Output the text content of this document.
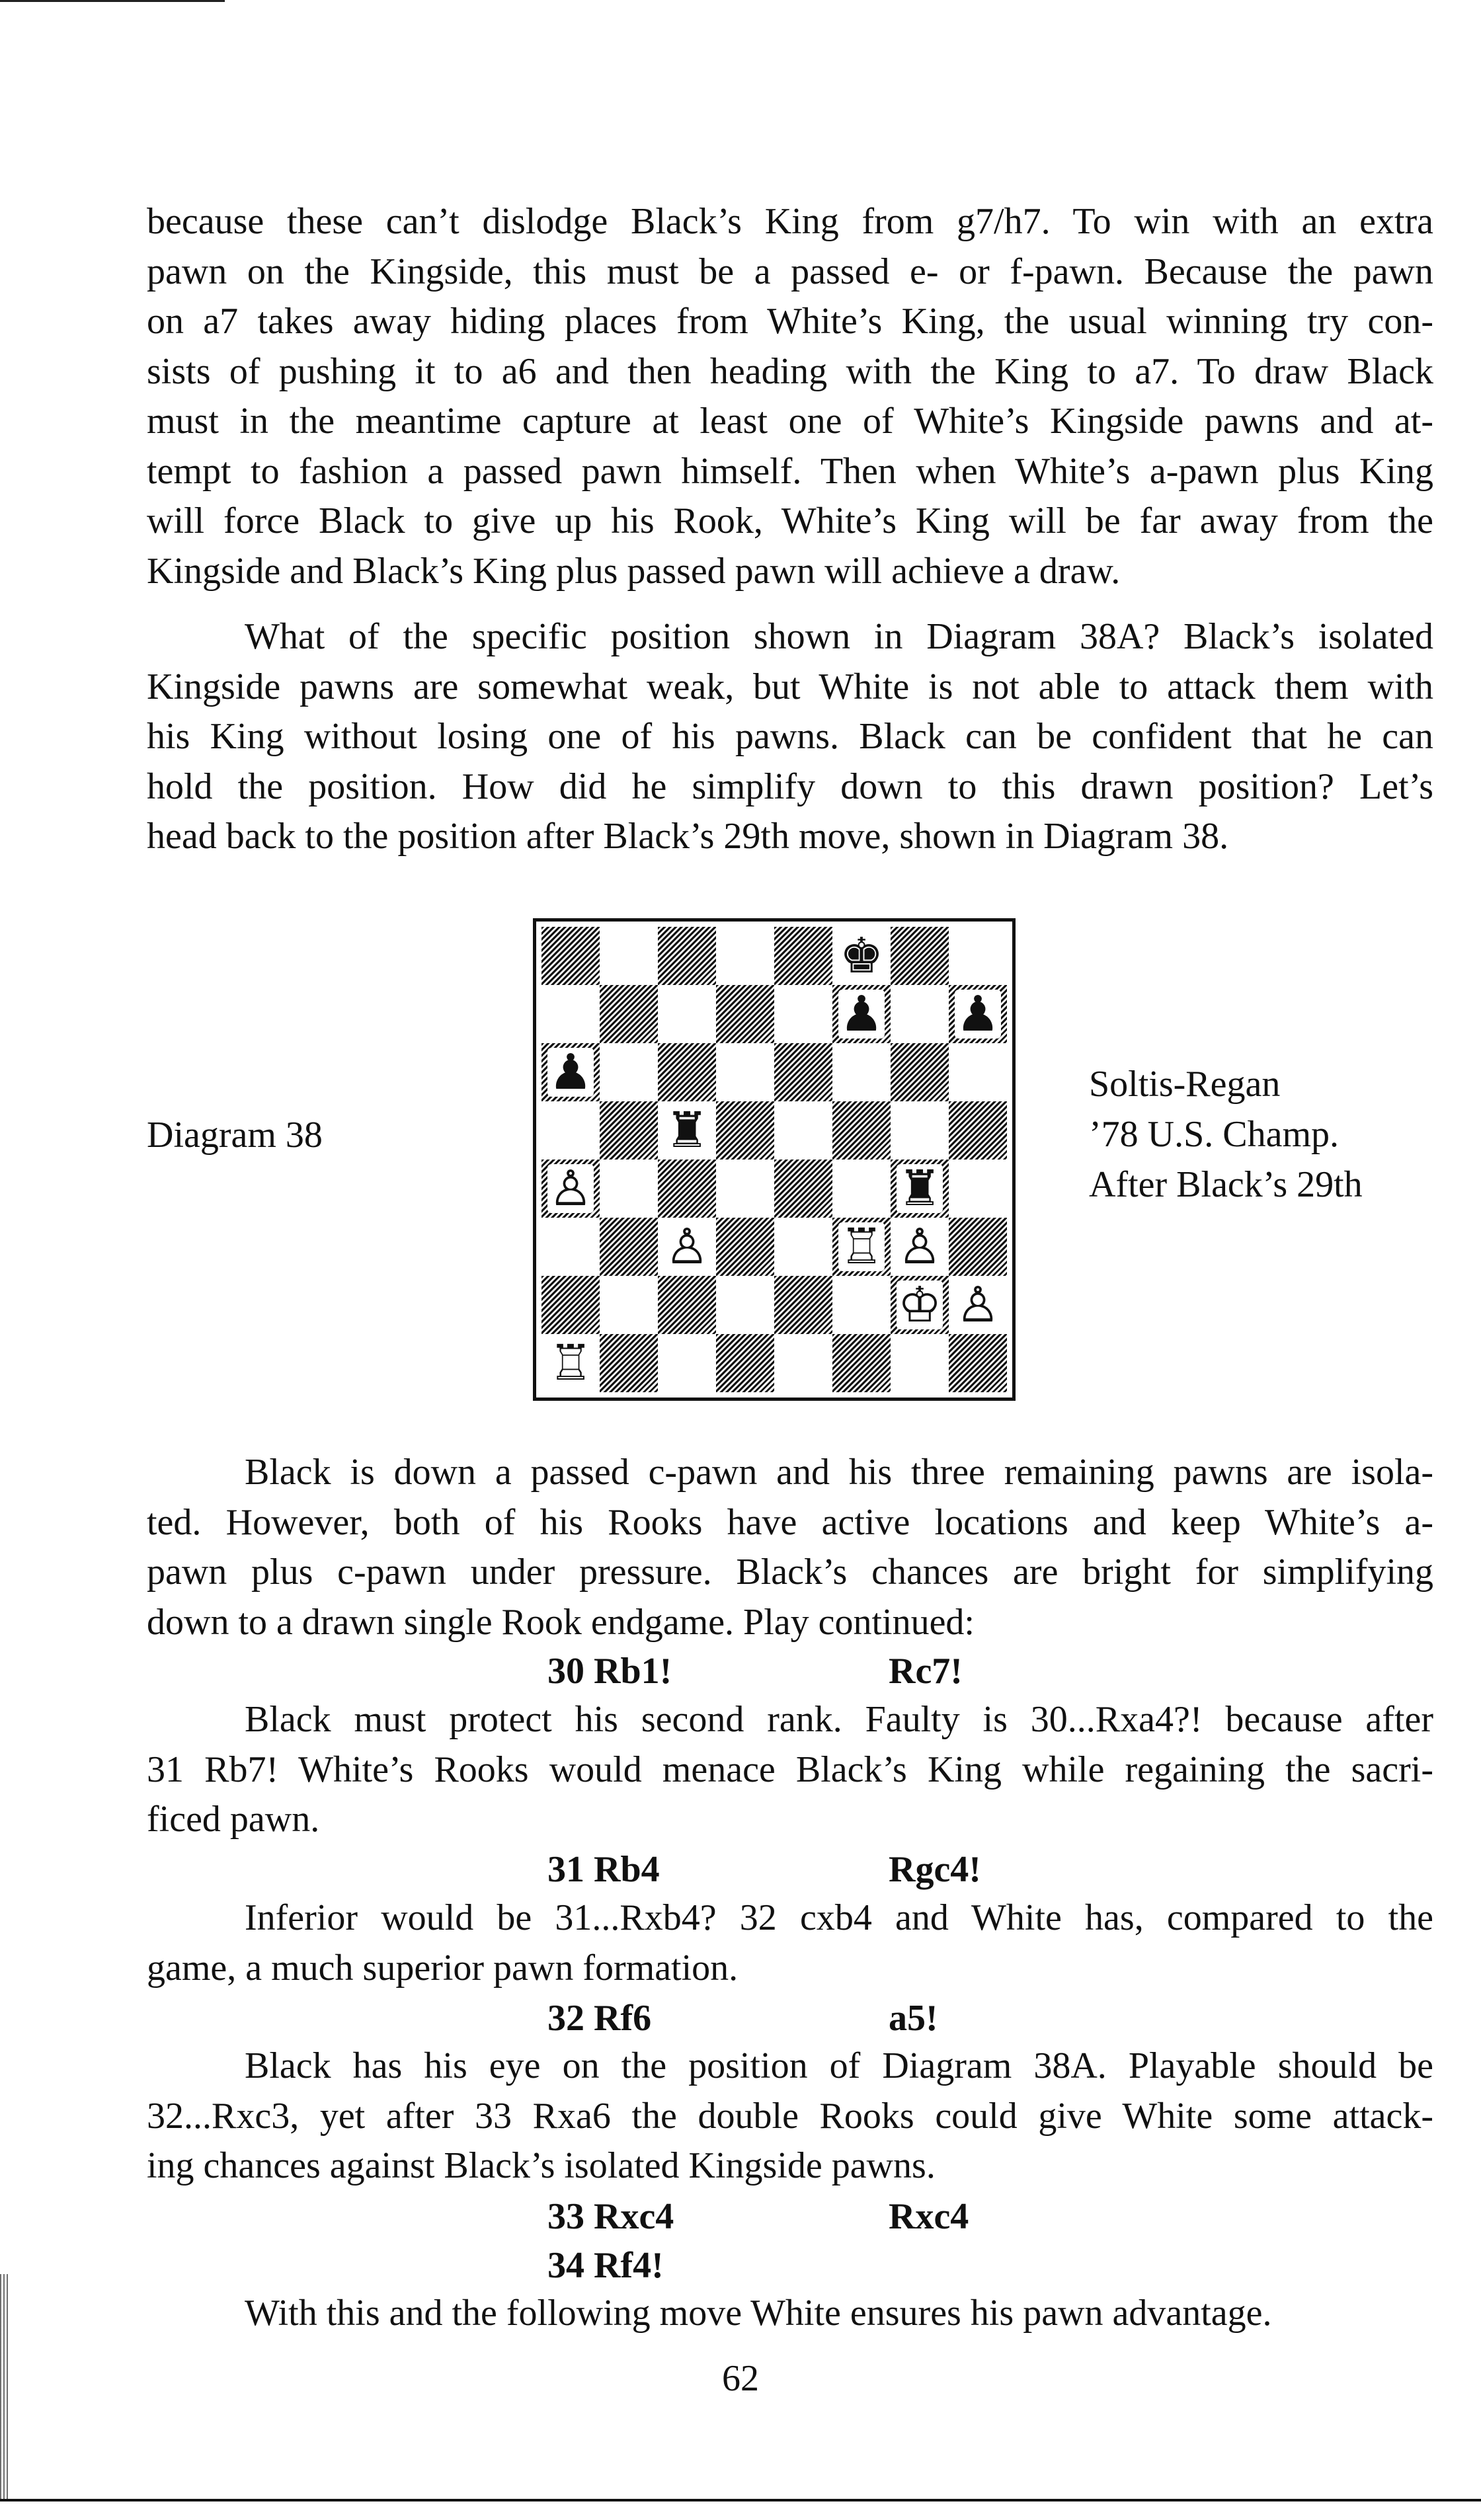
because these can’t dislodge Black’s King from g7/h7. To win with an extra
pawn on the Kingside, this must be a passed e- or f-pawn. Because the pawn
on a7 takes away hiding places from White’s King, the usual winning try con-
sists of pushing it to a6 and then heading with the King to a7. To draw Black
must in the meantime capture at least one of White’s Kingside pawns and at-
tempt to fashion a passed pawn himself. Then when White’s a-pawn plus King
will force Black to give up his Rook, White’s King will be far away from the
Kingside and Black’s King plus passed pawn will achieve a draw.
What of the specific position shown in Diagram 38A? Black’s isolated
Kingside pawns are somewhat weak, but White is not able to attack them with
his King without losing one of his pawns. Black can be confident that he can
hold the position. How did he simplify down to this drawn position? Let’s
head back to the position after Black’s 29th move, shown in Diagram 38.
Diagram 38
♚
♟ ♟
♟
♜
♙	♜
♙	♖ ♙
♔ ♙
♖
Soltis-Regan
’78 U.S. Champ.
After Black’s 29th
Black is down a passed c-pawn and his three remaining pawns are isola-
ted. However, both of his Rooks have active locations and keep White’s a-
pawn plus c-pawn under pressure. Black’s chances are bright for simplifying
down to a drawn single Rook endgame. Play continued:
30 Rb1!	Rc7!
Black must protect his second rank. Faulty is 30...Rxa4?! because after
31 Rb7! White’s Rooks would menace Black’s King while regaining the sacri-
ficed pawn.
31 Rb4	Rgc4!
Inferior would be 31...Rxb4? 32 cxb4 and White has, compared to the
game, a much superior pawn formation.
32 Rf6	a5!
Black has his eye on the position of Diagram 38A. Playable should be
32...Rxc3, yet after 33 Rxa6 the double Rooks could give White some attack-
ing chances against Black’s isolated Kingside pawns.
33 Rxc4	Rxc4
34 Rf4!
With this and the following move White ensures his pawn advantage.
62
